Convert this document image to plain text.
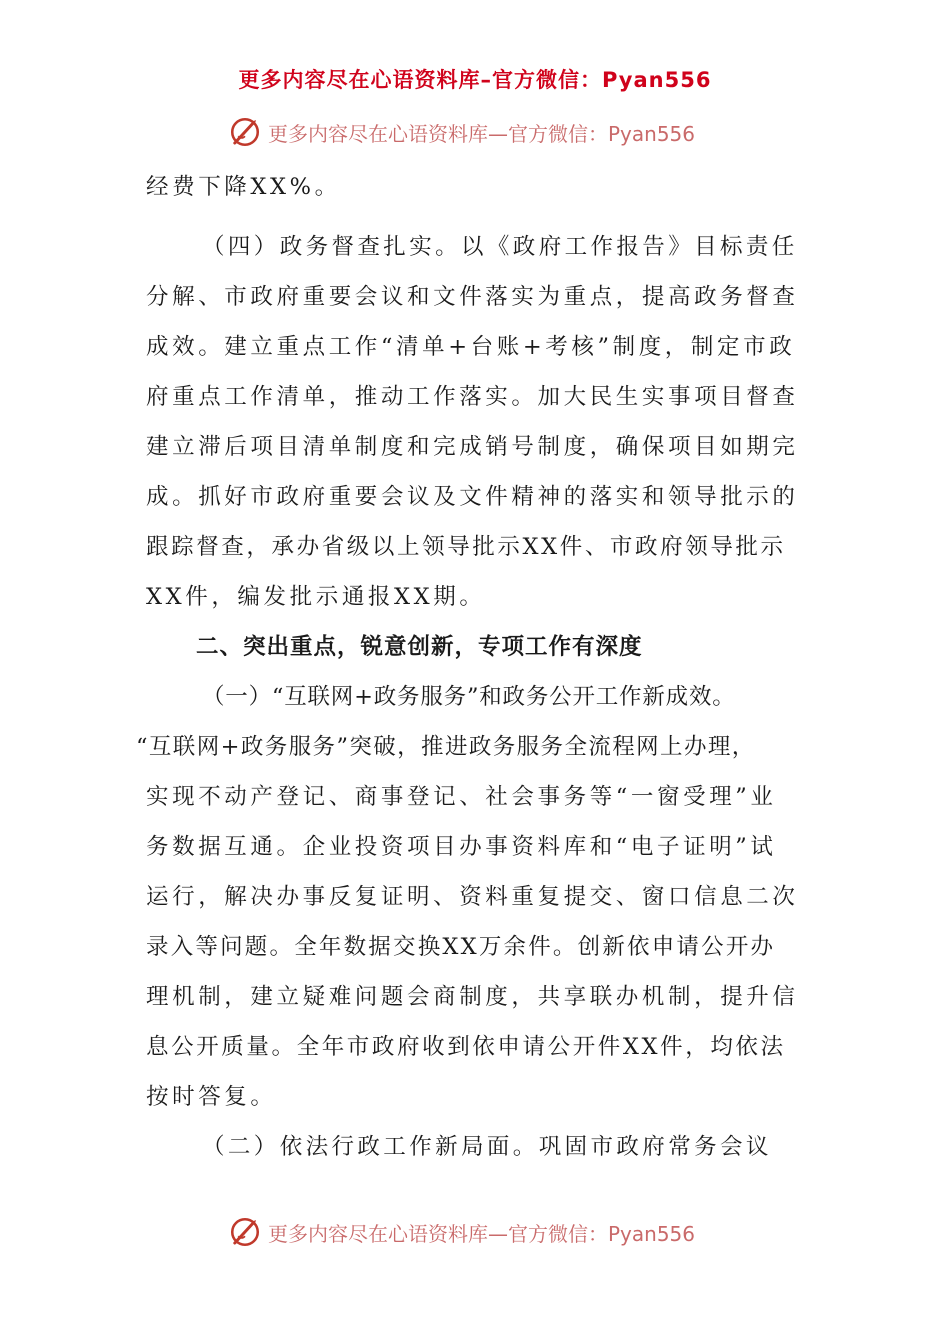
更多内容尽在心语资料库–官方微信：Pyan556
更多内容尽在心语资料库—官方微信：Pyan556
经费下降XX%。
（四）政务督查扎实。以《政府工作报告》目标责任
分解、市政府重要会议和文件落实为重点，提高政务督查
成效。建立重点工作“清单+台账+考核”制度，制定市政
府重点工作清单，推动工作落实。加大民生实事项目督查
建立滞后项目清单制度和完成销号制度，确保项目如期完
成。抓好市政府重要会议及文件精神的落实和领导批示的
跟踪督查，承办省级以上领导批示XX件、市政府领导批示
XX件，编发批示通报XX期。
二、突出重点，锐意创新，专项工作有深度
（一）“互联网+政务服务”和政务公开工作新成效。
“互联网+政务服务”突破，推进政务服务全流程网上办理，
实现不动产登记、商事登记、社会事务等“一窗受理”业
务数据互通。企业投资项目办事资料库和“电子证明”试
运行，解决办事反复证明、资料重复提交、窗口信息二次
录入等问题。全年数据交换XX万余件。创新依申请公开办
理机制，建立疑难问题会商制度，共享联办机制，提升信
息公开质量。全年市政府收到依申请公开件XX件，均依法
按时答复。
（二）依法行政工作新局面。巩固市政府常务会议
更多内容尽在心语资料库—官方微信：Pyan556
